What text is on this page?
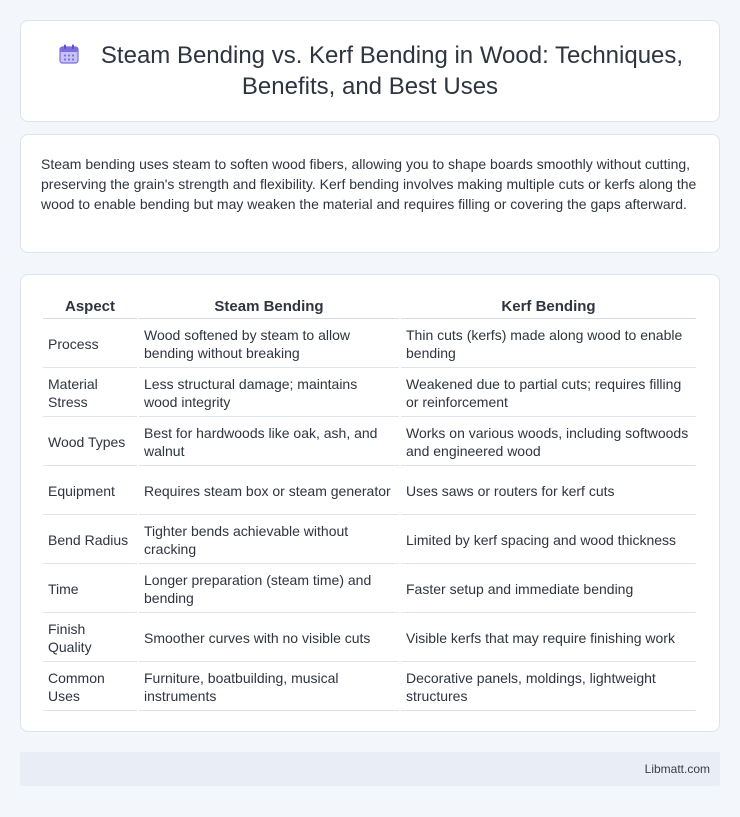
Steam Bending vs. Kerf Bending in Wood: Techniques, Benefits, and Best Uses

Steam bending uses steam to soften wood fibers, allowing you to shape boards smoothly without cutting, preserving the grain's strength and flexibility. Kerf bending involves making multiple cuts or kerfs along the wood to enable bending but may weaken the material and requires filling or covering the gaps afterward.

Aspect	Steam Bending	Kerf Bending
Process	Wood softened by steam to allow bending without breaking	Thin cuts (kerfs) made along wood to enable bending
Material Stress	Less structural damage; maintains wood integrity	Weakened due to partial cuts; requires filling or reinforcement
Wood Types	Best for hardwoods like oak, ash, and walnut	Works on various woods, including softwoods and engineered wood
Equipment	Requires steam box or steam generator	Uses saws or routers for kerf cuts
Bend Radius	Tighter bends achievable without cracking	Limited by kerf spacing and wood thickness
Time	Longer preparation (steam time) and bending	Faster setup and immediate bending
Finish Quality	Smoother curves with no visible cuts	Visible kerfs that may require finishing work
Common Uses	Furniture, boatbuilding, musical instruments	Decorative panels, moldings, lightweight structures
Libmatt.com
